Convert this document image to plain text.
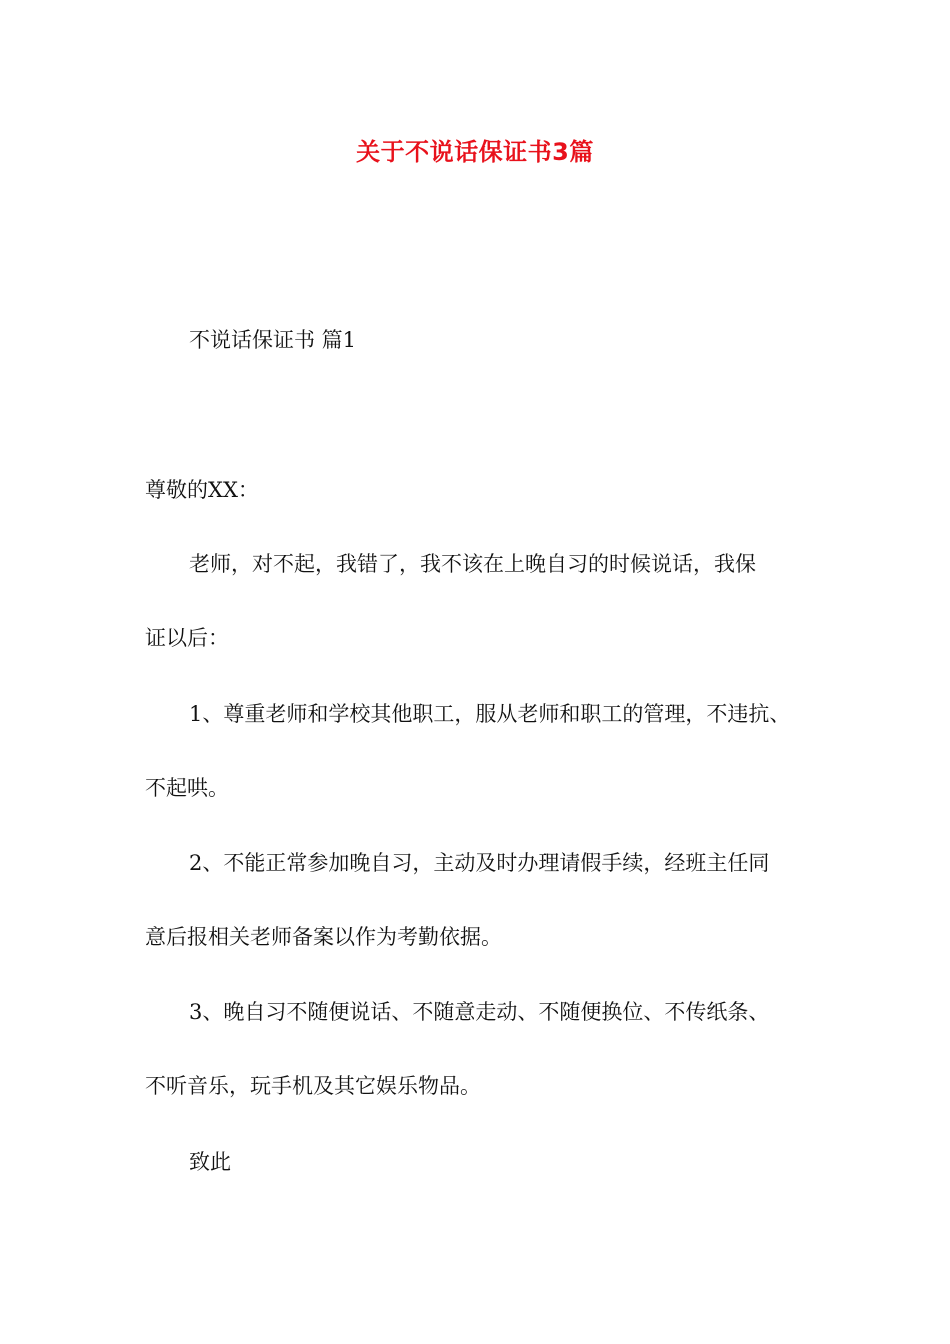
关于不说话保证书3篇
不说话保证书 篇1
尊敬的XX：
老师，对不起，我错了，我不该在上晚自习的时候说话，我保
证以后：
1、尊重老师和学校其他职工，服从老师和职工的管理，不违抗、
不起哄。
2、不能正常参加晚自习，主动及时办理请假手续，经班主任同
意后报相关老师备案以作为考勤依据。
3、晚自习不随便说话、不随意走动、不随便换位、不传纸条、
不听音乐，玩手机及其它娱乐物品。
致此
